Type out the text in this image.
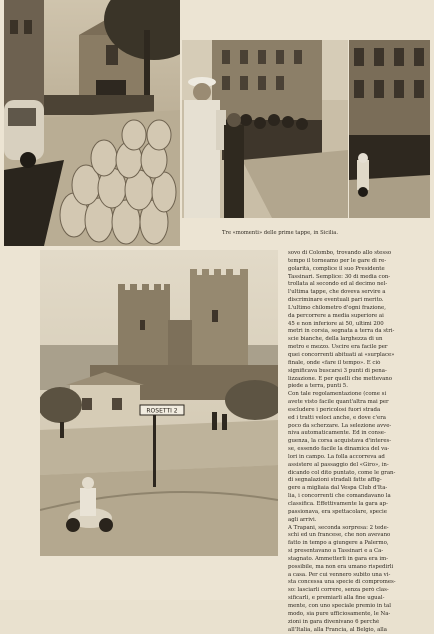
Tre «momenti» delle prime tappe, in Sicilia.
ROSETTI 2
sovo di Colombo, trovando allo stesso
tempo il torneamo per le gare di re-
golarità, complice il suo Presidente
Tassinari. Semplice: 30 di media con-
trollata al secondo ed al decimo nel-
l'ultima tappe, che doveva servire a
discriminare eventuali pari merito.
L'ultimo chilometro d'ogni frazione,
da percorrere a media superiore ai
45 e non inferiore ai 50, ultimi 200
metri in corsia, segnata a terra da stri-
scie bianche, della larghezza di un
metro e mezzo. Uscire era facile per
quei concorrenti abituati ai «surplace»
finale, onde «fare il tempo». E ciò
significava buscarsi 3 punti di pena-
lizzazione. E per quelli che mettevano
piede a terra, punti 5.
Con tale regolamentazione (come si
avete visto facile quant'altra mai per
escludere i pericolosi fuori strada
ed i tratti veloci anche, e dove c'era
poco da scherzare. La selezione avve-
niva automaticamente. Ed in conse-
guenza, la corsa acquistava d'interes-
se, essendo facile la dinamica del va-
lori in campo. La folla accorreva ad
assistere al passaggio del «Giro», in-
dicando col dito puntato, come le gran-
di segnalazioni stradali fatte affig-
gere a migliaia dal Vespa Club d'Ita-
lia, i concorrenti che comandavano la
classifica. Effettivamente la gara ap-
passionava, era spettacolare, specie
agli arrivi.
A Trapani, seconda sorpresa: 2 tede-
schi ed un francese, che non avevano
fatto in tempo a giungere a Palermo,
si presentavano a Tassinari e a Ca-
stagnato. Ammetterli in gara era im-
possibile, ma non era umano rispedirli
a casa. Per cui vennero subito una vi-
sta concessa una specie di compromes-
so: lasciarli correre, senza però clas-
sificarli, e premiarli alla fine ugual-
mente, con uno speciale premio in tal
modo, sia pure ufficiosamente, le Na-
zioni in gara divenivano 6 perché
all'Italia, alla Francia, al Belgio, alla
